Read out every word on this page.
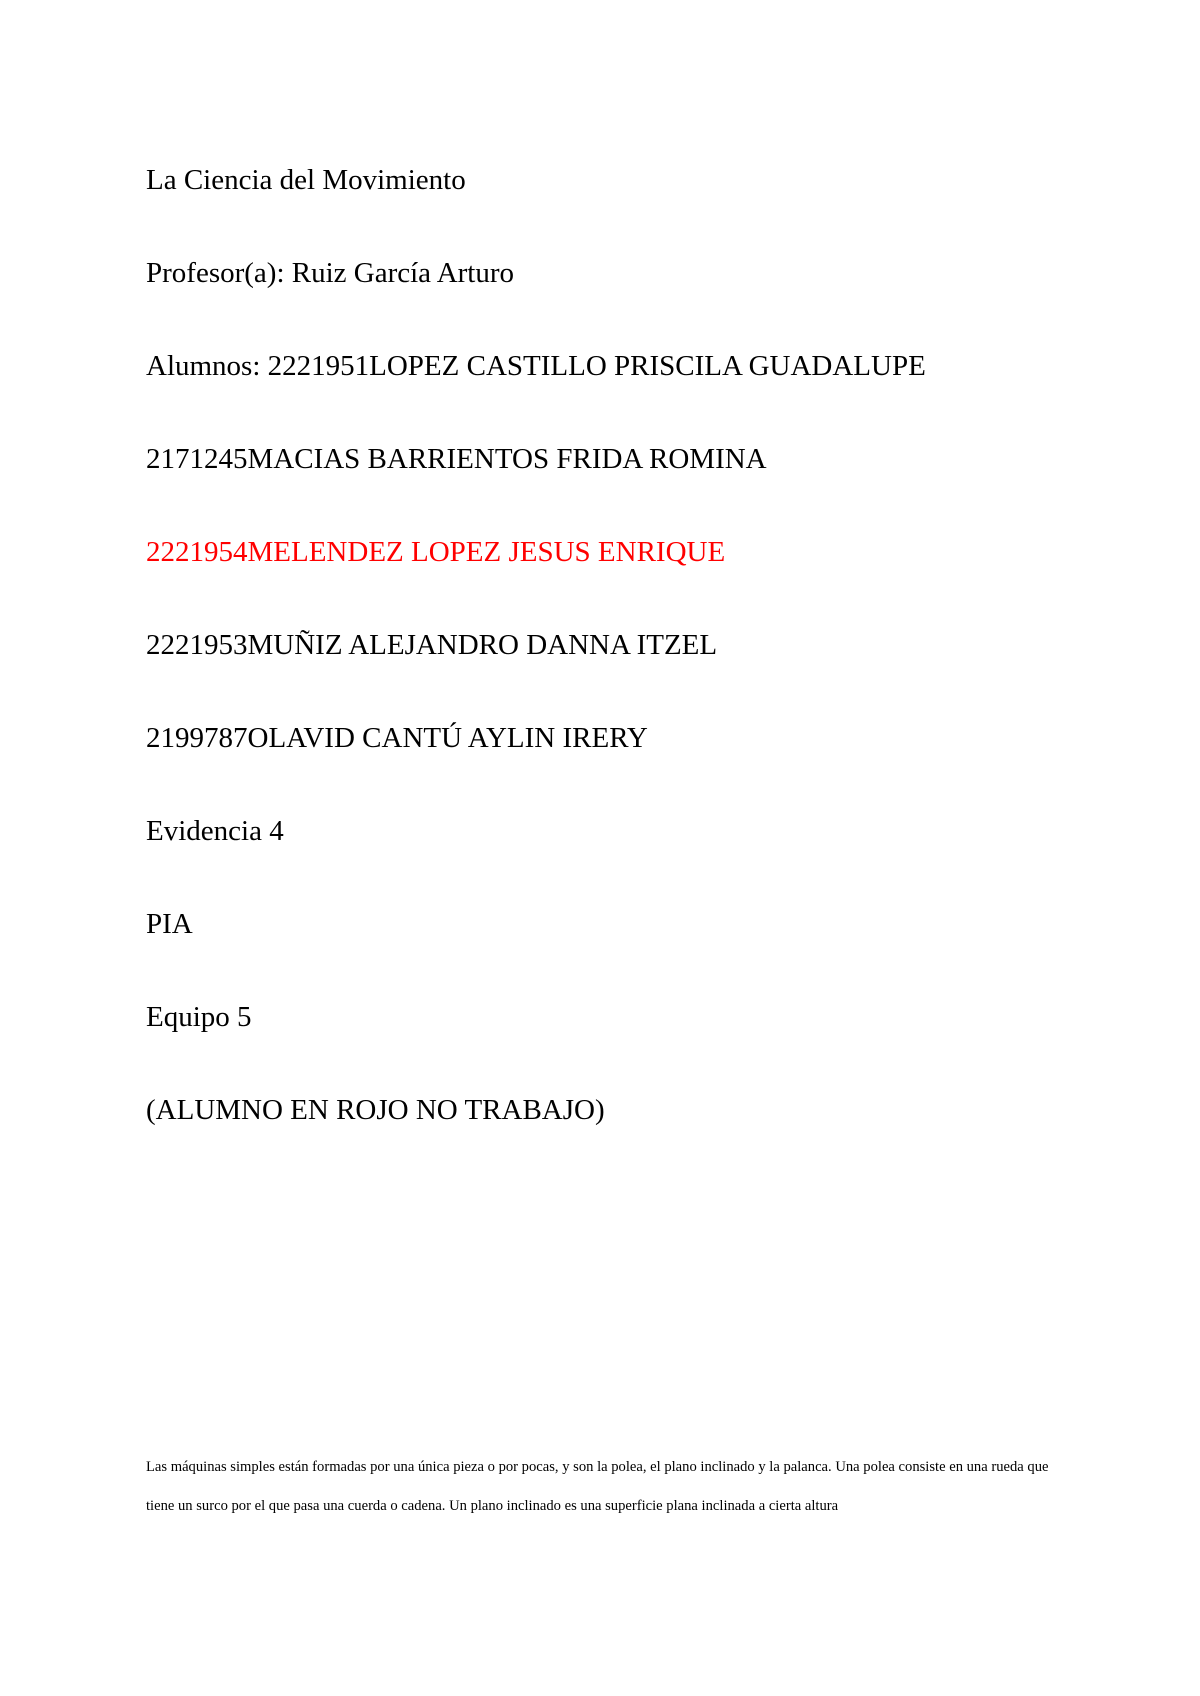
La Ciencia del Movimiento

Profesor(a): Ruiz García Arturo

Alumnos: 2221951LOPEZ CASTILLO PRISCILA GUADALUPE

2171245MACIAS BARRIENTOS FRIDA ROMINA

2221954MELENDEZ LOPEZ JESUS ENRIQUE

2221953MUÑIZ ALEJANDRO DANNA ITZEL

2199787OLAVID CANTÚ AYLIN IRERY

Evidencia 4

PIA

Equipo 5

(ALUMNO EN ROJO NO TRABAJO)

Las máquinas simples están formadas por una única pieza o por pocas, y son la polea, el plano inclinado y la palanca. Una polea consiste en una rueda que tiene un surco por el que pasa una cuerda o cadena. Un plano inclinado es una superficie plana inclinada a cierta altura
